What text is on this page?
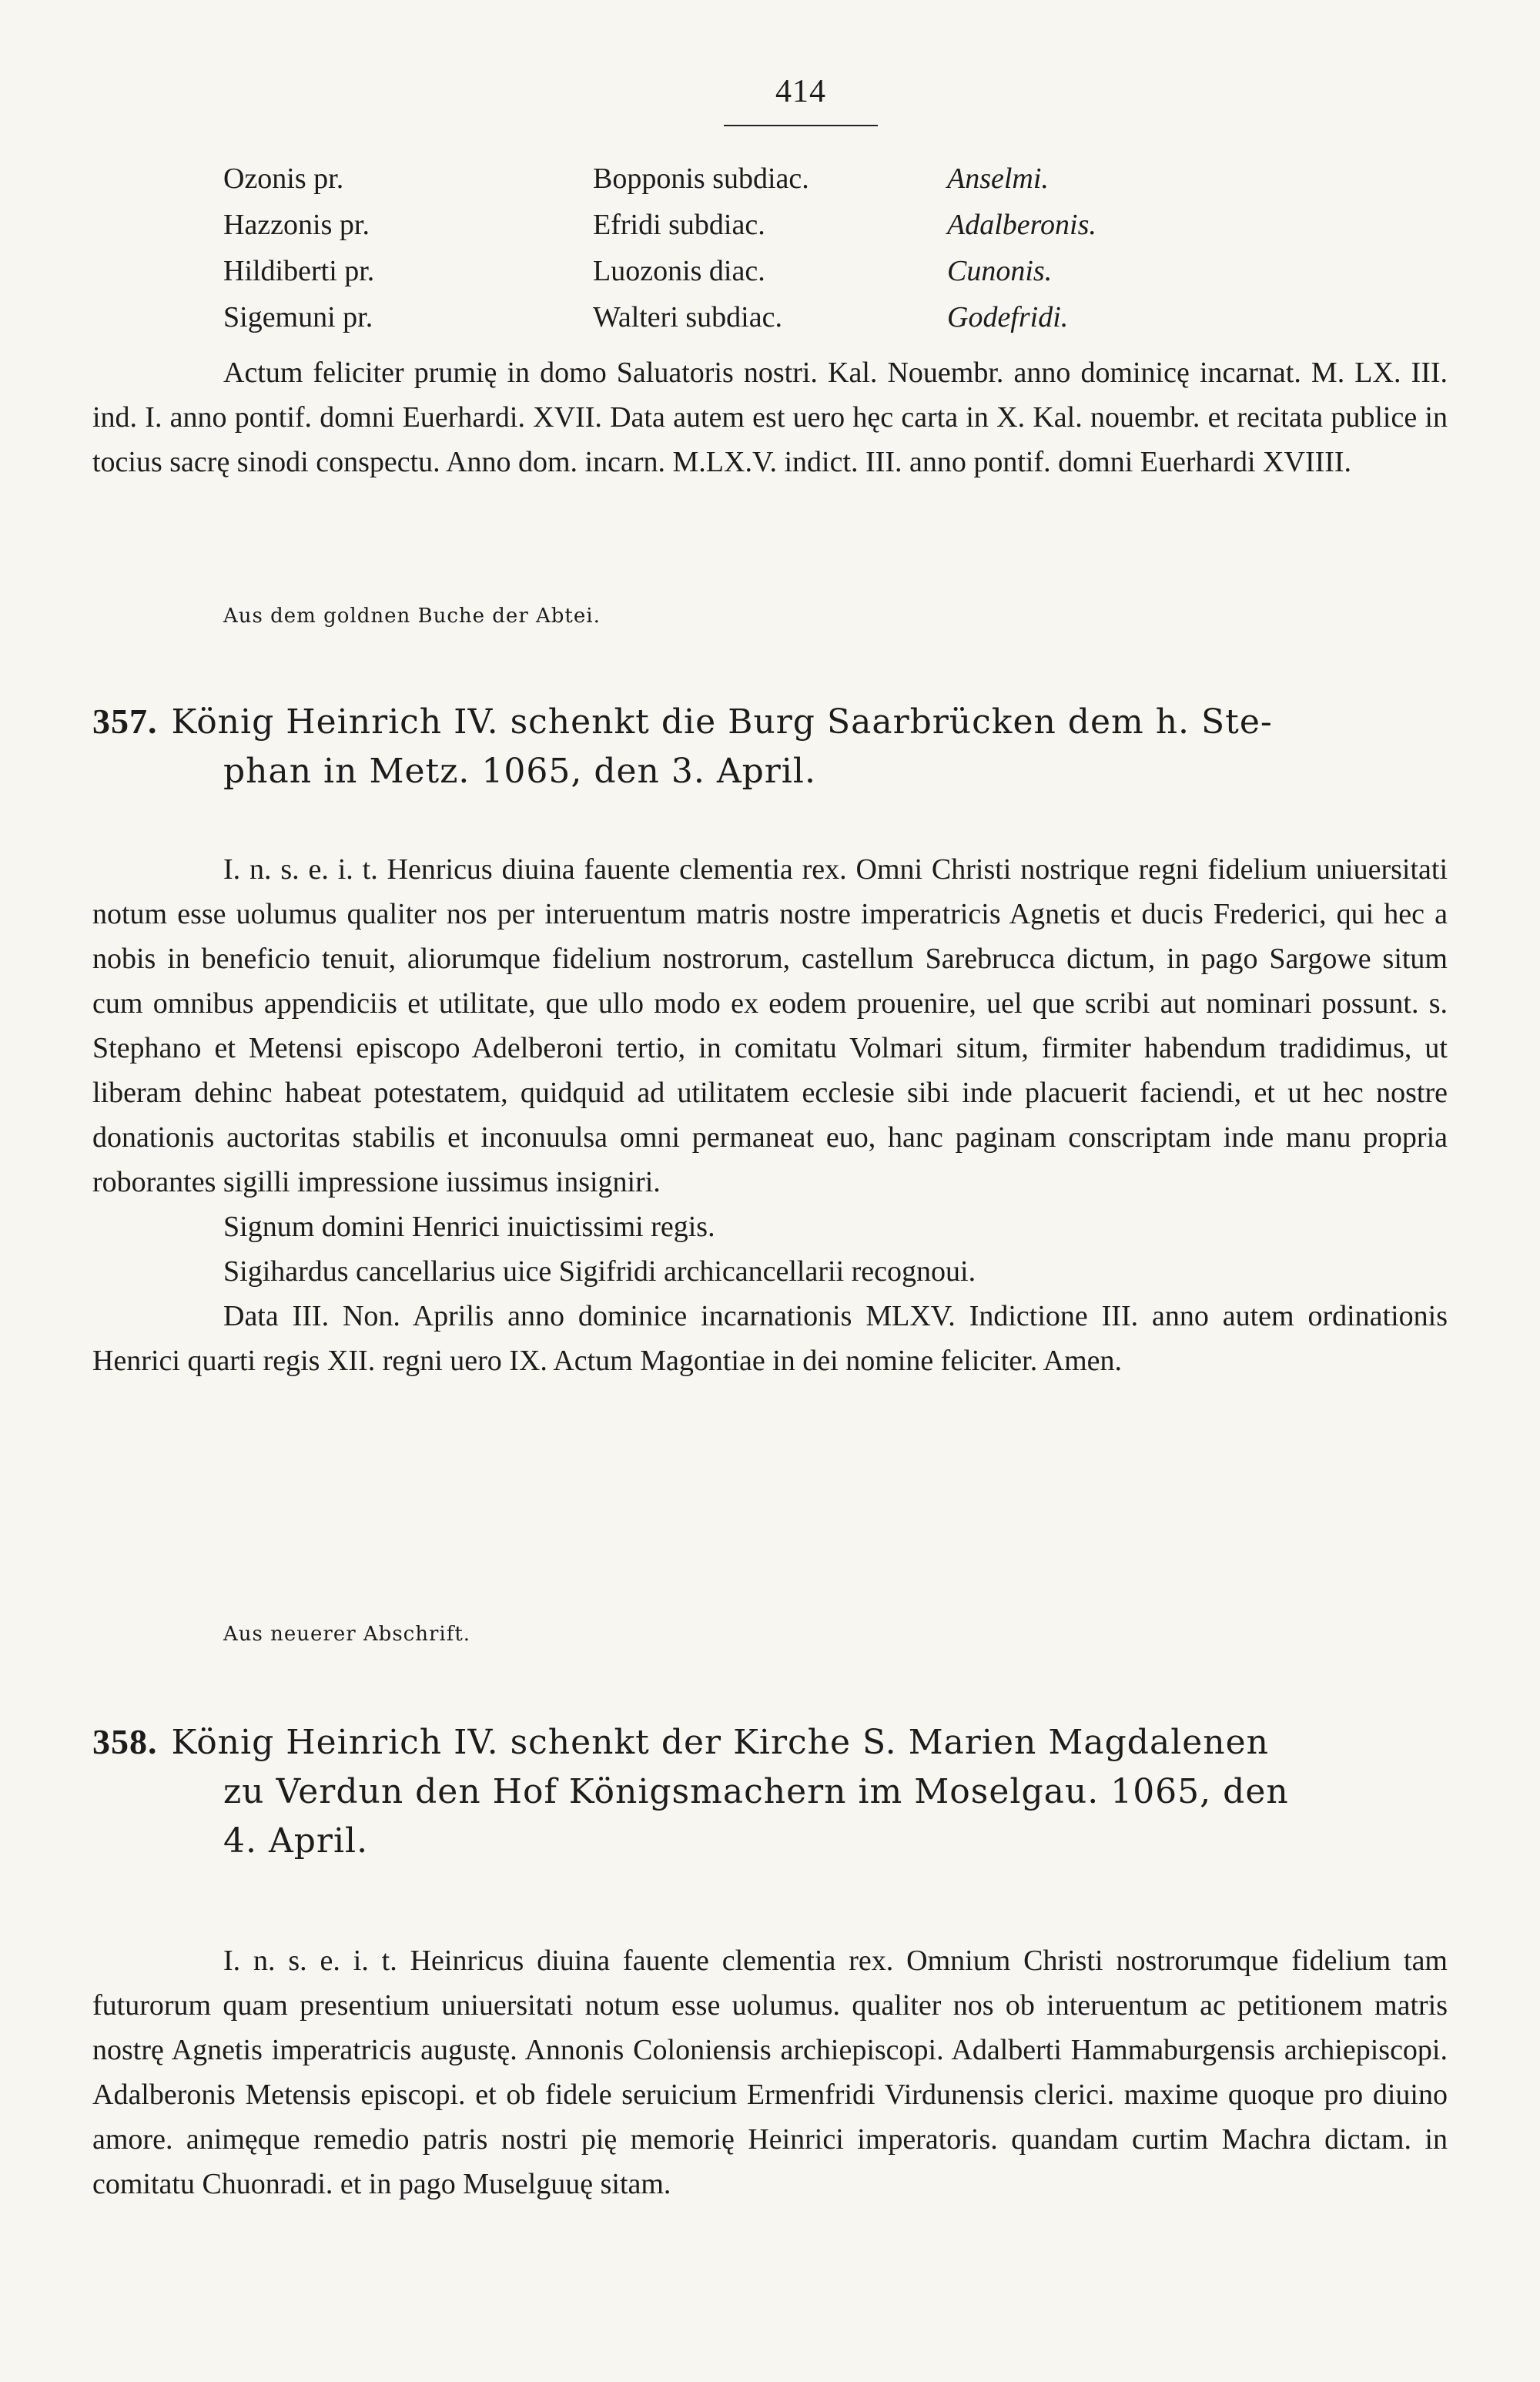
414
Ozonis pr.	Bopponis subdiac.	Anselmi.
Hazzonis pr.	Efridi subdiac.	Adalberonis.
Hildiberti pr.	Luozonis diac.	Cunonis.
Sigemuni pr.	Walteri subdiac.	Godefridi.

Actum feliciter prumię in domo Saluatoris nostri. Kal. Nouembr. anno dominicę incarnat. M. LX. III. ind. I. anno pontif. domni Euerhardi. XVII. Data autem est uero hęc carta in X. Kal. nouembr. et recitata publice in tocius sacrę sinodi conspectu. Anno dom. incarn. M.LX.V. indict. III. anno pontif. domni Euerhardi XVIIII.

Aus dem goldnen Buche der Abtei.
357. König Heinrich IV. schenkt die Burg Saarbrücken dem h. Ste-
phan in Metz. 1065, den 3. April.

I. n. s. e. i. t. Henricus diuina fauente clementia rex. Omni Christi nostrique regni fidelium uniuersitati notum esse uolumus qualiter nos per interuentum matris nostre imperatricis Agnetis et ducis Frederici, qui hec a nobis in beneficio tenuit, aliorumque fidelium nostrorum, castellum Sarebrucca dictum, in pago Sargowe situm cum omnibus appendiciis et utilitate, que ullo modo ex eodem prouenire, uel que scribi aut nominari possunt. s. Stephano et Metensi episcopo Adelberoni tertio, in comitatu Volmari situm, firmiter habendum tradidimus, ut liberam dehinc habeat potestatem, quidquid ad utilitatem ecclesie sibi inde placuerit faciendi, et ut hec nostre donationis auctoritas stabilis et inconuulsa omni permaneat euo, hanc paginam conscriptam inde manu propria roborantes sigilli impressione iussimus insigniri.

Signum domini Henrici inuictissimi regis.

Sigihardus cancellarius uice Sigifridi archicancellarii recognoui.

Data III. Non. Aprilis anno dominice incarnationis MLXV. Indictione III. anno autem ordinationis Henrici quarti regis XII. regni uero IX. Actum Magontiae in dei nomine feliciter. Amen.

Aus neuerer Abschrift.
358. König Heinrich IV. schenkt der Kirche S. Marien Magdalenen
zu Verdun den Hof Königsmachern im Moselgau. 1065, den
4. April.

I. n. s. e. i. t. Heinricus diuina fauente clementia rex. Omnium Christi nostrorumque fidelium tam futurorum quam presentium uniuersitati notum esse uolumus. qualiter nos ob interuentum ac petitionem matris nostrę Agnetis imperatricis augustę. Annonis Coloniensis archiepiscopi. Adalberti Hammaburgensis archiepiscopi. Adalberonis Metensis episcopi. et ob fidele seruicium Ermenfridi Virdunensis clerici. maxime quoque pro diuino amore. animęque remedio patris nostri pię memorię Heinrici imperatoris. quandam curtim Machra dictam. in comitatu Chuonradi. et in pago Muselguuę sitam.
